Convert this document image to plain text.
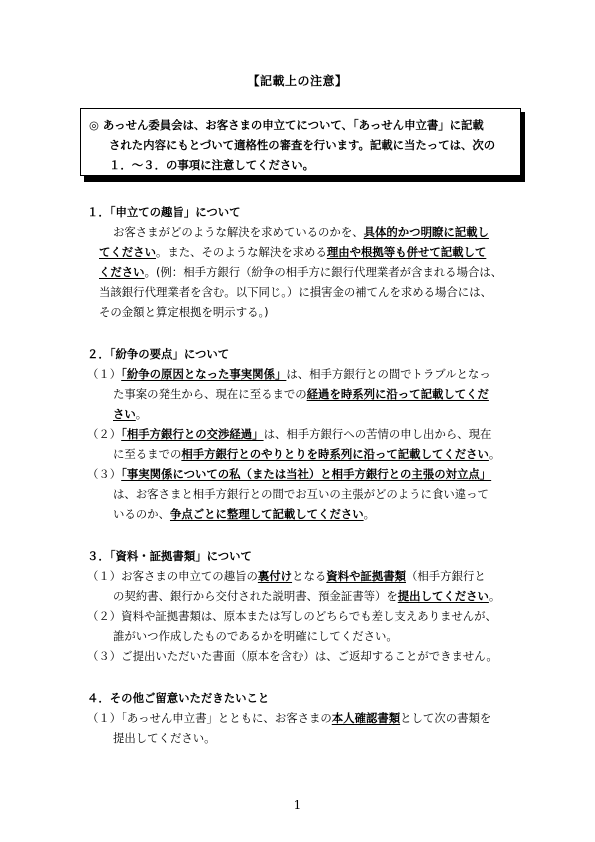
【記載上の注意】
◎ あっせん委員会は、お客さまの申立てについて、「あっせん申立書」に記載
された内容にもとづいて適格性の審査を行います。記載に当たっては、次の
１．～３．の事項に注意してください。
１．「申立ての趣旨」について
お客さまがどのような解決を求めているのかを、具体的かつ明瞭に記載し
てください。また、そのような解決を求める理由や根拠等も併せて記載して
ください。(例：相手方銀行（紛争の相手方に銀行代理業者が含まれる場合は、
当該銀行代理業者を含む。以下同じ。）に損害金の補てんを求める場合には、
その金額と算定根拠を明示する。)
２．「紛争の要点」について
（１）「紛争の原因となった事実関係」は、相手方銀行との間でトラブルとなっ
た事案の発生から、現在に至るまでの経過を時系列に沿って記載してくだ
さい。
（２）「相手方銀行との交渉経過」は、相手方銀行への苦情の申し出から、現在
に至るまでの相手方銀行とのやりとりを時系列に沿って記載してください。
（３）「事実関係についての私（または当社）と相手方銀行との主張の対立点」
は、お客さまと相手方銀行との間でお互いの主張がどのように食い違って
いるのか、争点ごとに整理して記載してください。
３．「資料・証拠書類」について
（１）お客さまの申立ての趣旨の裏付けとなる資料や証拠書類（相手方銀行と
の契約書、銀行から交付された説明書、預金証書等）を提出してください。
（２）資料や証拠書類は、原本または写しのどちらでも差し支えありませんが、
誰がいつ作成したものであるかを明確にしてください。
（３）ご提出いただいた書面（原本を含む）は、ご返却することができません。
４．その他ご留意いただきたいこと
（１）「あっせん申立書」とともに、お客さまの本人確認書類として次の書類を
提出してください。
1
